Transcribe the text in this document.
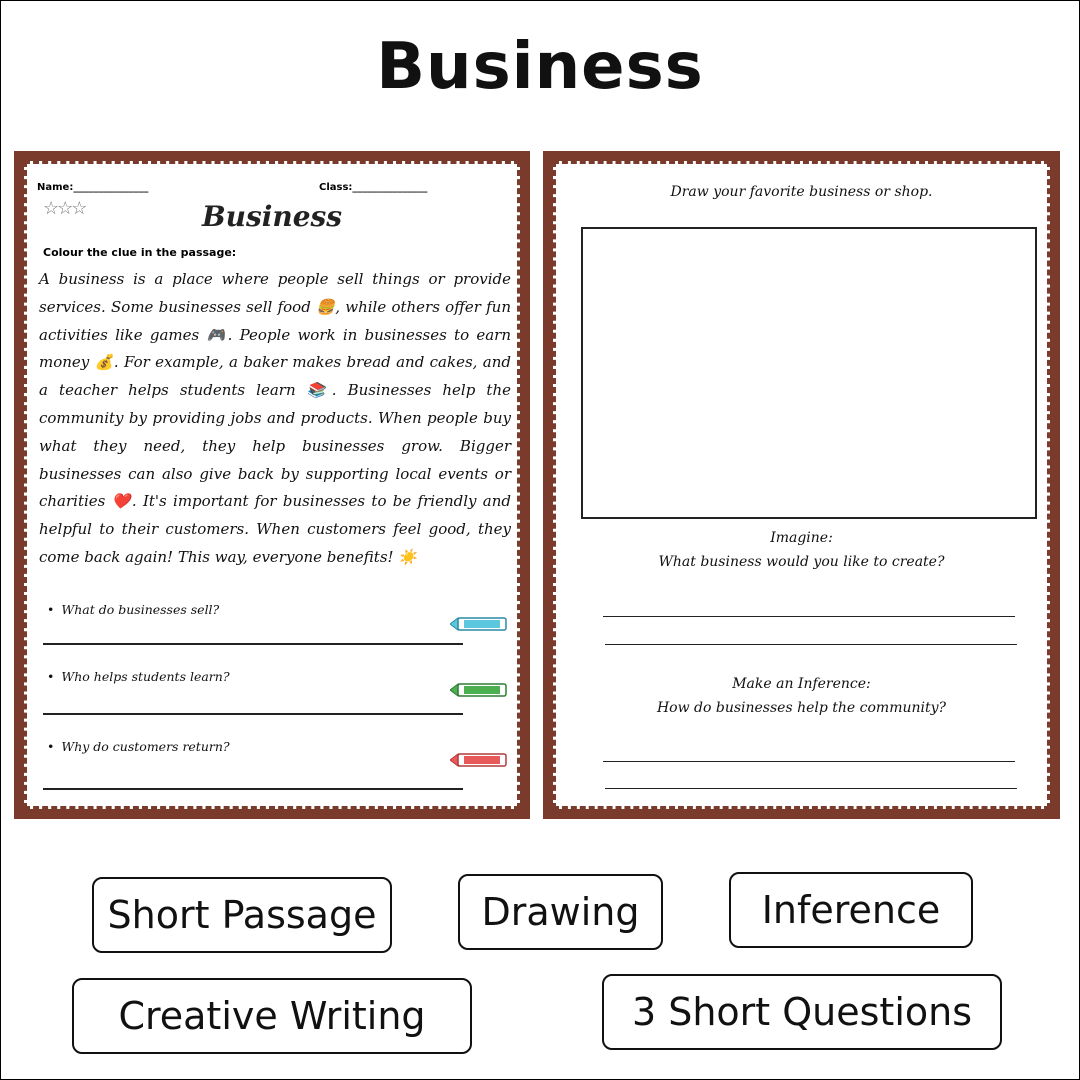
Business
Name:_______________	Class:_______________
☆☆☆	Business
Colour the clue in the passage:
A business is a place where people sell things or provide services. Some businesses sell food 🍔, while others offer fun activities like games 🎮. People work in businesses to earn money 💰. For example, a baker makes bread and cakes, and a teacher helps students learn 📚. Businesses help the community by providing jobs and products. When people buy what they need, they help businesses grow. Bigger businesses can also give back by supporting local events or charities ❤️. It's important for businesses to be friendly and helpful to their customers. When customers feel good, they come back again! This way, everyone benefits! ☀️
• What do businesses sell?
• Who helps students learn?
• Why do customers return?
Draw your favorite business or shop.
Imagine:
What business would you like to create?
Make an Inference:
How do businesses help the community?
Short Passage	Drawing	Inference
Creative Writing	3 Short Questions
